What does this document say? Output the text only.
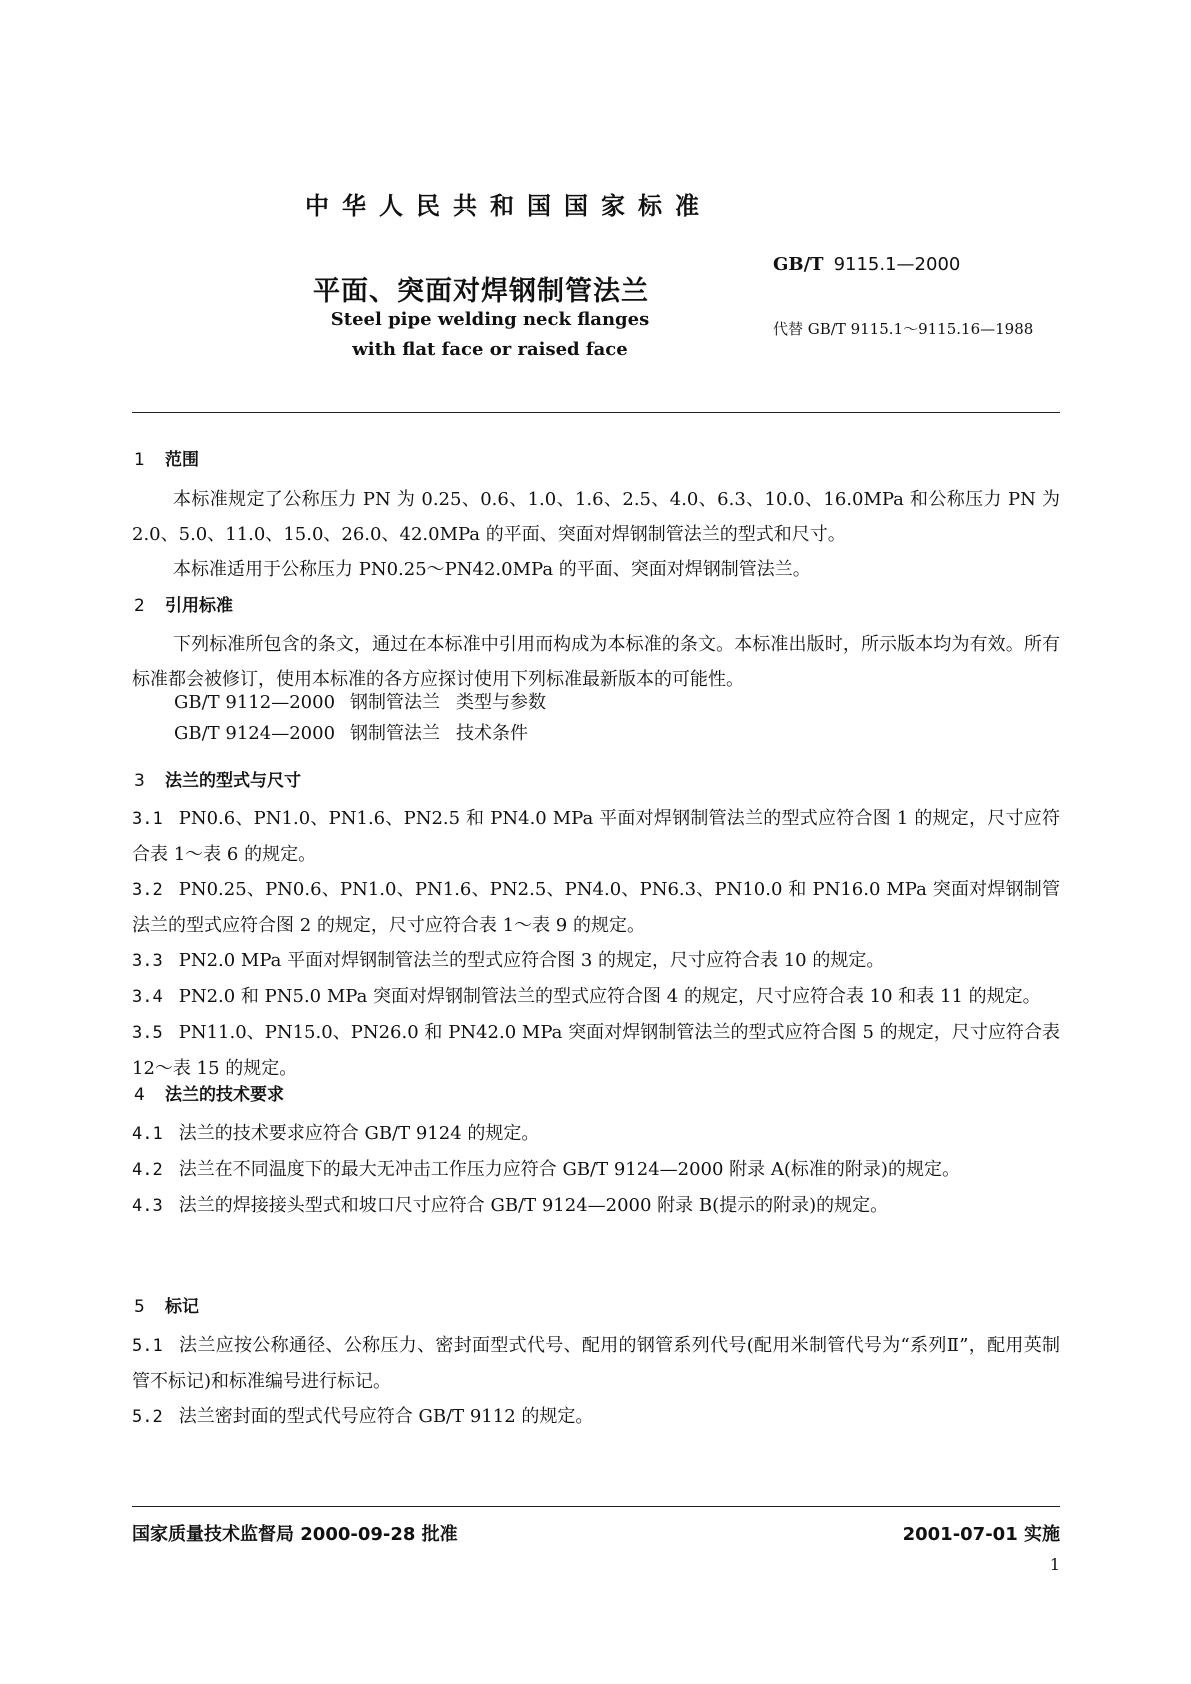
中华人民共和国国家标准
平面、突面对焊钢制管法兰
GB/T 9115.1—2000
代替 GB/T 9115.1～9115.16—1988
Steel pipe welding neck flanges
with flat face or raised face
1 范围

本标准规定了公称压力 PN 为 0.25、0.6、1.0、1.6、2.5、4.0、6.3、10.0、16.0MPa 和公称压力 PN 为 2.0、5.0、11.0、15.0、26.0、42.0MPa 的平面、突面对焊钢制管法兰的型式和尺寸。

本标准适用于公称压力 PN0.25～PN42.0MPa 的平面、突面对焊钢制管法兰。

2 引用标准

下列标准所包含的条文，通过在本标准中引用而构成为本标准的条文。本标准出版时，所示版本均为有效。所有标准都会被修订，使用本标准的各方应探讨使用下列标准最新版本的可能性。

GB/T 9112—2000 钢制管法兰 类型与参数
GB/T 9124—2000 钢制管法兰 技术条件
3 法兰的型式与尺寸

3.1 PN0.6、PN1.0、PN1.6、PN2.5 和 PN4.0 MPa 平面对焊钢制管法兰的型式应符合图 1 的规定，尺寸应符合表 1～表 6 的规定。

3.2 PN0.25、PN0.6、PN1.0、PN1.6、PN2.5、PN4.0、PN6.3、PN10.0 和 PN16.0 MPa 突面对焊钢制管法兰的型式应符合图 2 的规定，尺寸应符合表 1～表 9 的规定。

3.3 PN2.0 MPa 平面对焊钢制管法兰的型式应符合图 3 的规定，尺寸应符合表 10 的规定。

3.4 PN2.0 和 PN5.0 MPa 突面对焊钢制管法兰的型式应符合图 4 的规定，尺寸应符合表 10 和表 11 的规定。

3.5 PN11.0、PN15.0、PN26.0 和 PN42.0 MPa 突面对焊钢制管法兰的型式应符合图 5 的规定，尺寸应符合表 12～表 15 的规定。

4 法兰的技术要求

4.1 法兰的技术要求应符合 GB/T 9124 的规定。

4.2 法兰在不同温度下的最大无冲击工作压力应符合 GB/T 9124—2000 附录 A(标准的附录)的规定。

4.3 法兰的焊接接头型式和坡口尺寸应符合 GB/T 9124—2000 附录 B(提示的附录)的规定。

5 标记

5.1 法兰应按公称通径、公称压力、密封面型式代号、配用的钢管系列代号(配用米制管代号为“系列Ⅱ”，配用英制管不标记)和标准编号进行标记。

5.2 法兰密封面的型式代号应符合 GB/T 9112 的规定。

国家质量技术监督局 2000-09-28 批准	2001-07-01 实施
1
